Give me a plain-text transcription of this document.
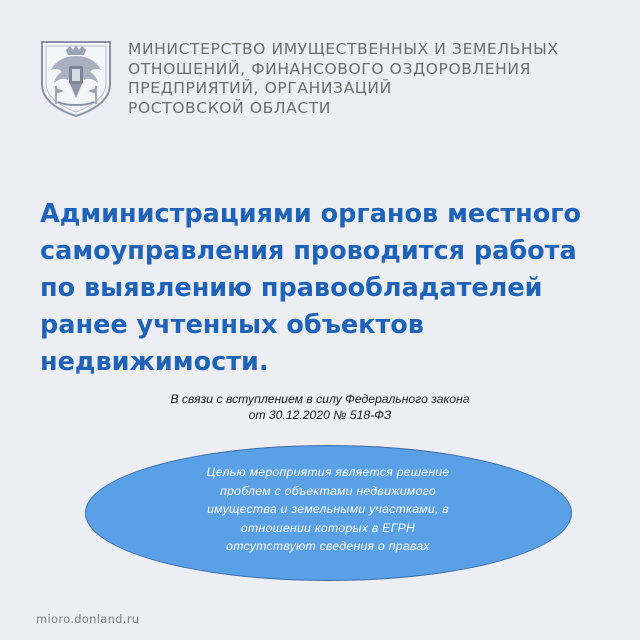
МИНИСТЕРСТВО ИМУЩЕСТВЕННЫХ И ЗЕМЕЛЬНЫХ
ОТНОШЕНИЙ, ФИНАНСОВОГО ОЗДОРОВЛЕНИЯ
ПРЕДПРИЯТИЙ, ОРГАНИЗАЦИЙ
РОСТОВСКОЙ ОБЛАСТИ
Администрациями органов местного
самоуправления проводится работа
по выявлению правообладателей
ранее учтенных объектов
недвижимости.
В связи с вступлением в силу Федерального закона
от 30.12.2020 № 518-ФЗ
Целью мероприятия является решение
проблем с объектами недвижимого
имущества и земельными участками, в
отношении которых в ЕГРН
отсутствуют сведения о правах
mioro.donland.ru
